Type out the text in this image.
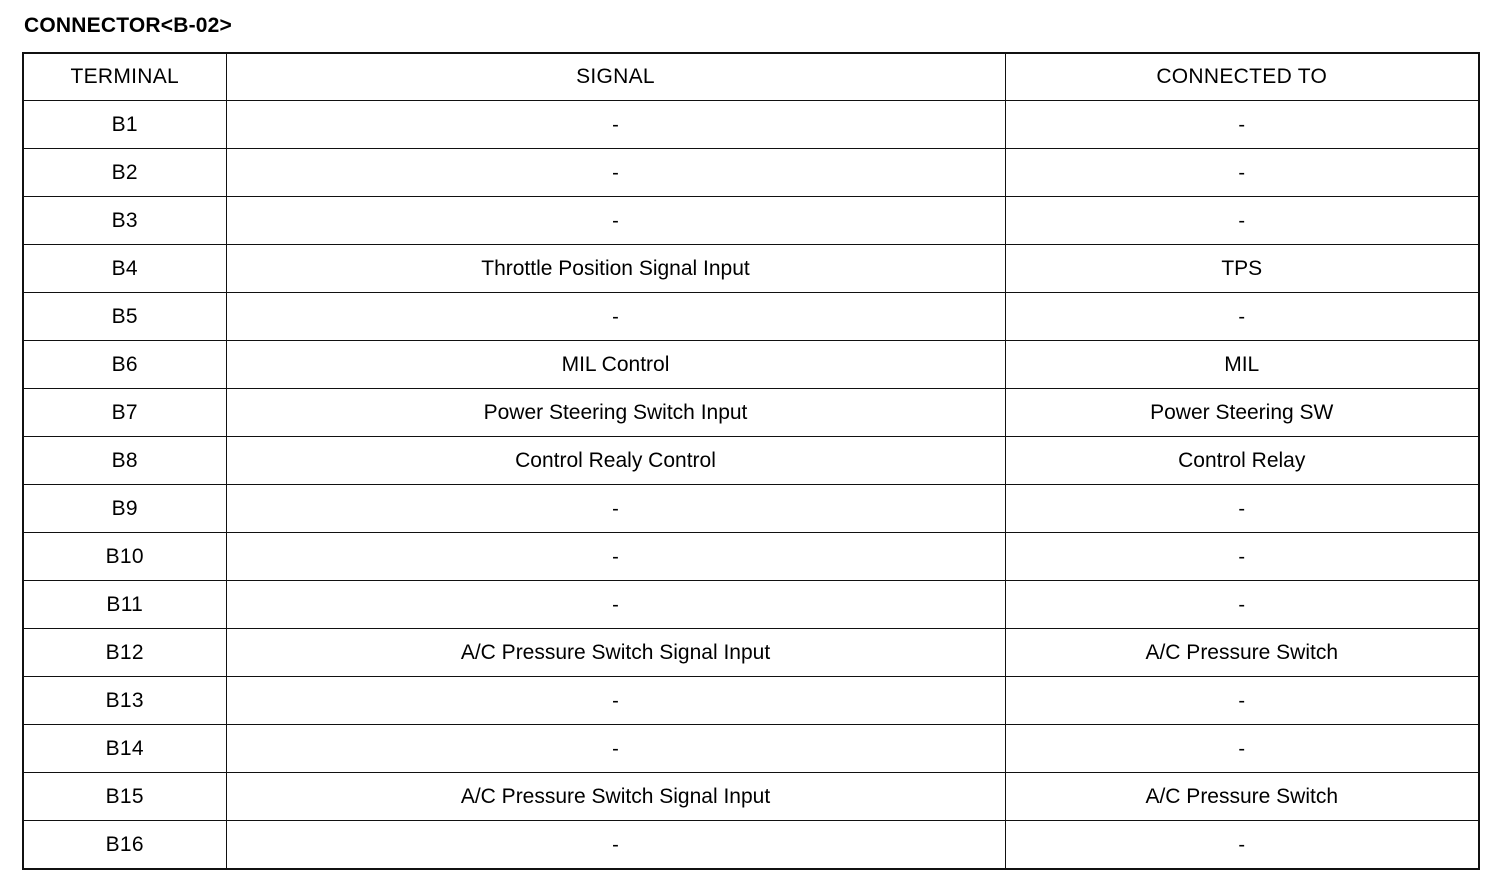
CONNECTOR<B-02>
TERMINAL	SIGNAL	CONNECTED TO
B1	-	-
B2	-	-
B3	-	-
B4	Throttle Position Signal Input	TPS
B5	-	-
B6	MIL Control	MIL
B7	Power Steering Switch Input	Power Steering SW
B8	Control Realy Control	Control Relay
B9	-	-
B10	-	-
B11	-	-
B12	A/C Pressure Switch Signal Input	A/C Pressure Switch
B13	-	-
B14	-	-
B15	A/C Pressure Switch Signal Input	A/C Pressure Switch
B16	-	-
